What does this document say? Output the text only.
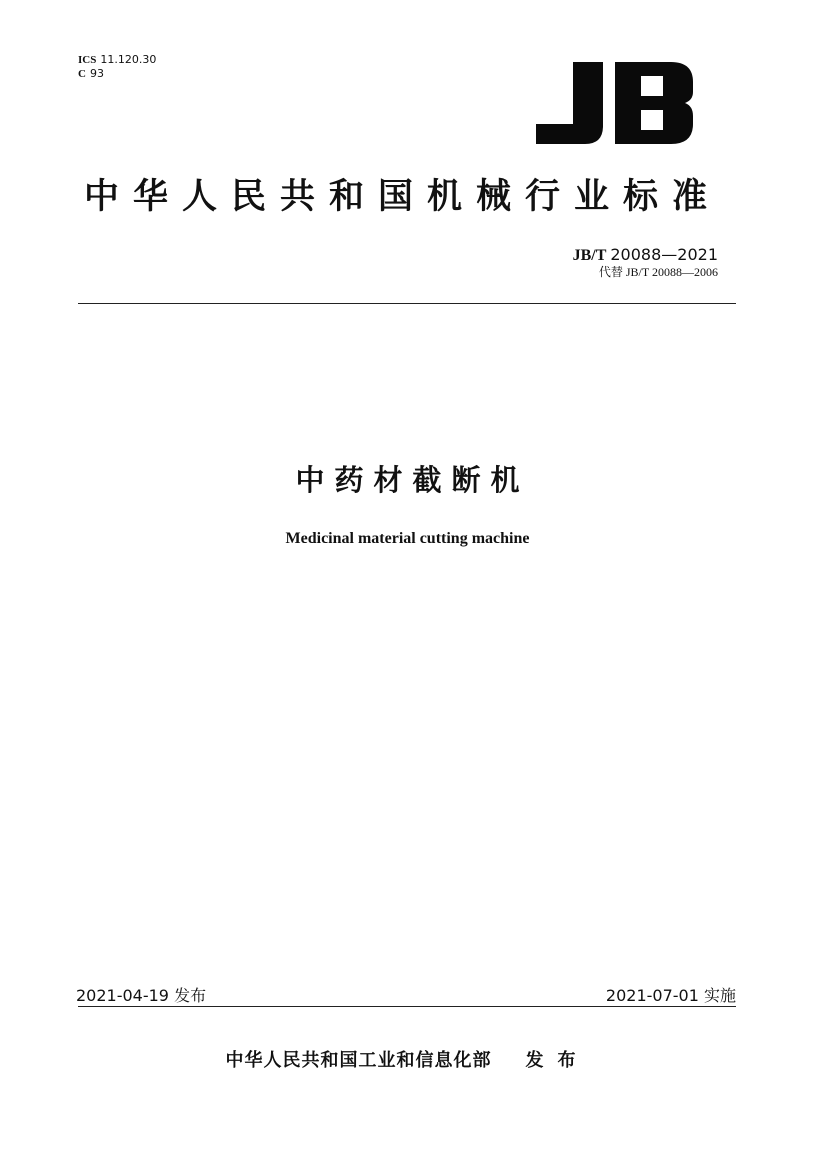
ICS 11.120.30
C 93
中华人民共和国机械行业标准
JB/T 20088—2021
代替 JB/T 20088—2006
中药材截断机
Medicinal material cutting machine
2021-04-19 发布	2021-07-01 实施
中华人民共和国工业和信息化部 发布
